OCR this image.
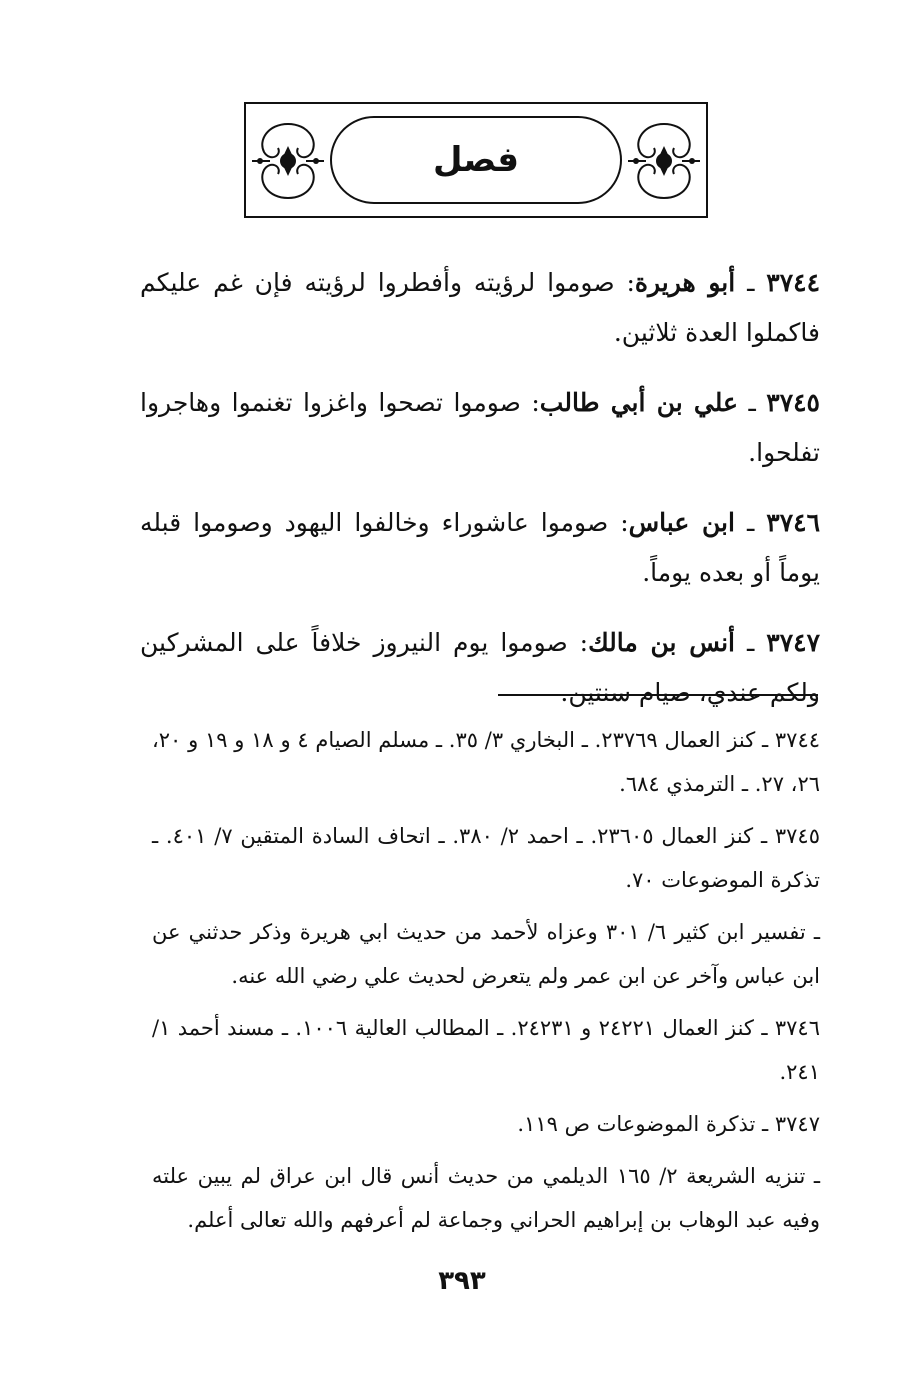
فصل

٣٧٤٤ ـ أبو هريرة: صوموا لرؤيته وأفطروا لرؤيته فإن غم عليكم فاكملوا العدة ثلاثين.

٣٧٤٥ ـ علي بن أبي طالب: صوموا تصحوا واغزوا تغنموا وهاجروا تفلحوا.

٣٧٤٦ ـ ابن عباس: صوموا عاشوراء وخالفوا اليهود وصوموا قبله يوماً أو بعده يوماً.

٣٧٤٧ ـ أنس بن مالك: صوموا يوم النيروز خلافاً على المشركين ولكم عندي، صيام سنتين.

٣٧٤٤ ـ كنز العمال ٢٣٧٦٩. ـ البخاري ٣/ ٣٥. ـ مسلم الصيام ٤ و ١٨ و ١٩ و ٢٠، ٢٦، ٢٧. ـ الترمذي ٦٨٤.

٣٧٤٥ ـ كنز العمال ٢٣٦٠٥. ـ احمد ٢/ ٣٨٠. ـ اتحاف السادة المتقين ٧/ ٤٠١. ـ تذكرة الموضوعات ٧٠.

ـ تفسير ابن كثير ٦/ ٣٠١ وعزاه لأحمد من حديث ابي هريرة وذكر حدثني عن ابن عباس وآخر عن ابن عمر ولم يتعرض لحديث علي رضي الله عنه.

٣٧٤٦ ـ كنز العمال ٢٤٢٢١ و ٢٤٢٣١. ـ المطالب العالية ١٠٠٦. ـ مسند أحمد ١/ ٢٤١.

٣٧٤٧ ـ تذكرة الموضوعات ص ١١٩.

ـ تنزيه الشريعة ٢/ ١٦٥ الديلمي من حديث أنس قال ابن عراق لم يبين علته وفيه عبد الوهاب بن إبراهيم الحراني وجماعة لم أعرفهم والله تعالى أعلم.

٣٩٣
